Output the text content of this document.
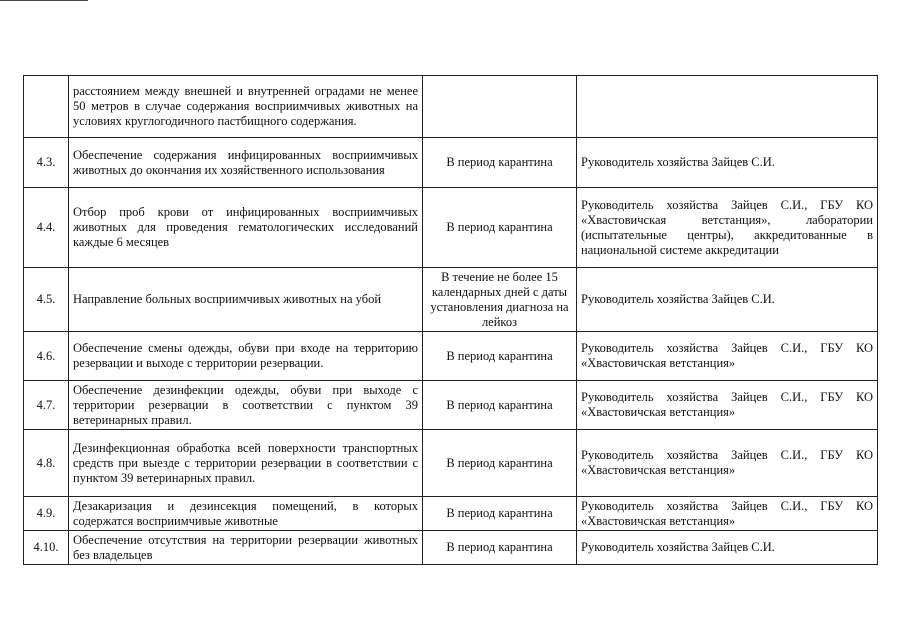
	расстоянием между внешней и внутренней оградами не менее 50 метров в случае содержания восприимчивых животных на условиях круглогодичного пастбищного содержания.		
4.3.	Обеспечение содержания инфицированных восприимчивых животных до окончания их хозяйственного использования	В период карантина	Руководитель хозяйства Зайцев С.И.
4.4.	Отбор проб крови от инфицированных восприимчивых животных для проведения гематологических исследований каждые 6 месяцев	В период карантина	Руководитель хозяйства Зайцев С.И., ГБУ КО «Хвастовичская ветстанция», лаборатории (испытательные центры), аккредитованные в национальной системе аккредитации
4.5.	Направление больных восприимчивых животных на убой	В течение не более 15 календарных дней с даты установления диагноза на лейкоз	Руководитель хозяйства Зайцев С.И.
4.6.	Обеспечение смены одежды, обуви при входе на территорию резервации и выходе с территории резервации.	В период карантина	Руководитель хозяйства Зайцев С.И., ГБУ КО «Хвастовичская ветстанция»
4.7.	Обеспечение дезинфекции одежды, обуви при выходе с территории резервации в соответствии с пунктом 39 ветеринарных правил.	В период карантина	Руководитель хозяйства Зайцев С.И., ГБУ КО «Хвастовичская ветстанция»
4.8.	Дезинфекционная обработка всей поверхности транспортных средств при выезде с территории резервации в соответствии с пунктом 39 ветеринарных правил.	В период карантина	Руководитель хозяйства Зайцев С.И., ГБУ КО «Хвастовичская ветстанция»
4.9.	Дезакаризация и дезинсекция помещений, в которых содержатся восприимчивые животные	В период карантина	Руководитель хозяйства Зайцев С.И., ГБУ КО «Хвастовичская ветстанция»
4.10.	Обеспечение отсутствия на территории резервации животных без владельцев	В период карантина	Руководитель хозяйства Зайцев С.И.
